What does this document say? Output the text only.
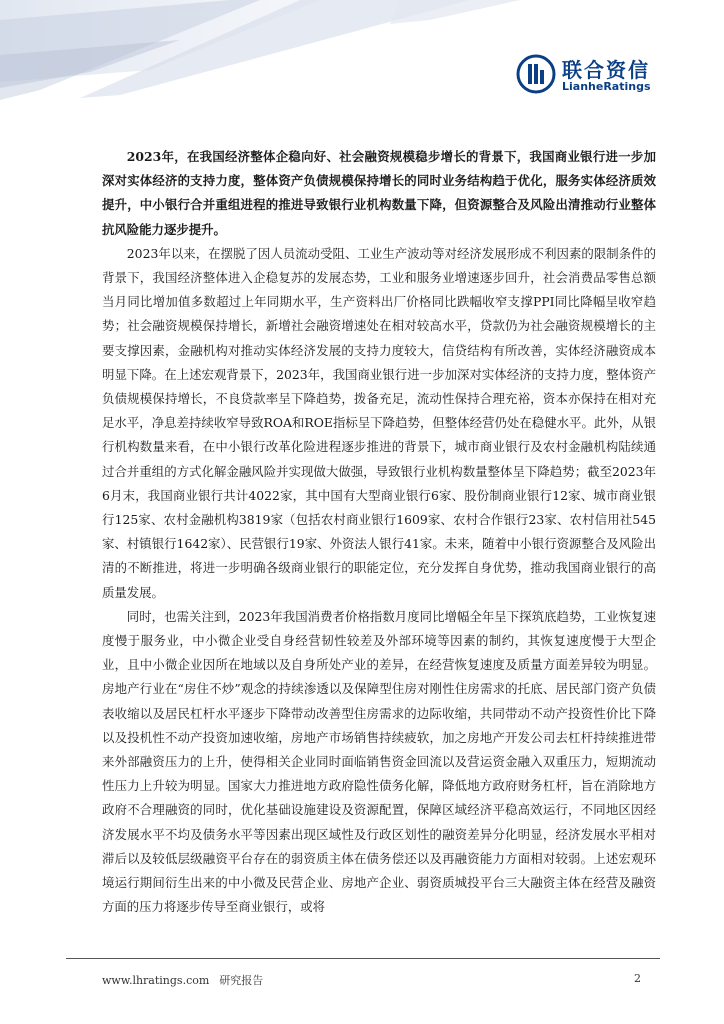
联合资信
LianheRatings

2023年，在我国经济整体企稳向好、社会融资规模稳步增长的背景下，我国商业银行进一步加深对实体经济的支持力度，整体资产负债规模保持增长的同时业务结构趋于优化，服务实体经济质效提升，中小银行合并重组进程的推进导致银行业机构数量下降，但资源整合及风险出清推动行业整体抗风险能力逐步提升。

2023年以来，在摆脱了因人员流动受阻、工业生产波动等对经济发展形成不利因素的限制条件的背景下，我国经济整体进入企稳复苏的发展态势，工业和服务业增速逐步回升，社会消费品零售总额当月同比增加值多数超过上年同期水平，生产资料出厂价格同比跌幅收窄支撑PPI同比降幅呈收窄趋势；社会融资规模保持增长，新增社会融资增速处在相对较高水平，贷款仍为社会融资规模增长的主要支撑因素，金融机构对推动实体经济发展的支持力度较大，信贷结构有所改善，实体经济融资成本明显下降。在上述宏观背景下，2023年，我国商业银行进一步加深对实体经济的支持力度，整体资产负债规模保持增长，不良贷款率呈下降趋势，拨备充足，流动性保持合理充裕，资本亦保持在相对充足水平，净息差持续收窄导致ROA和ROE指标呈下降趋势，但整体经营仍处在稳健水平。此外，从银行机构数量来看，在中小银行改革化险进程逐步推进的背景下，城市商业银行及农村金融机构陆续通过合并重组的方式化解金融风险并实现做大做强，导致银行业机构数量整体呈下降趋势；截至2023年6月末，我国商业银行共计4022家，其中国有大型商业银行6家、股份制商业银行12家、城市商业银行125家、农村金融机构3819家（包括农村商业银行1609家、农村合作银行23家、农村信用社545家、村镇银行1642家）、民营银行19家、外资法人银行41家。未来，随着中小银行资源整合及风险出清的不断推进，将进一步明确各级商业银行的职能定位，充分发挥自身优势，推动我国商业银行的高质量发展。

同时，也需关注到，2023年我国消费者价格指数月度同比增幅全年呈下探筑底趋势，工业恢复速度慢于服务业，中小微企业受自身经营韧性较差及外部环境等因素的制约，其恢复速度慢于大型企业，且中小微企业因所在地域以及自身所处产业的差异，在经营恢复速度及质量方面差异较为明显。房地产行业在“房住不炒”观念的持续渗透以及保障型住房对刚性住房需求的托底、居民部门资产负债表收缩以及居民杠杆水平逐步下降带动改善型住房需求的边际收缩，共同带动不动产投资性价比下降以及投机性不动产投资加速收缩，房地产市场销售持续疲软，加之房地产开发公司去杠杆持续推进带来外部融资压力的上升，使得相关企业同时面临销售资金回流以及营运资金融入双重压力，短期流动性压力上升较为明显。国家大力推进地方政府隐性债务化解，降低地方政府财务杠杆，旨在消除地方政府不合理融资的同时，优化基础设施建设及资源配置，保障区域经济平稳高效运行，不同地区因经济发展水平不均及债务水平等因素出现区域性及行政区划性的融资差异分化明显，经济发展水平相对滞后以及较低层级融资平台存在的弱资质主体在债务偿还以及再融资能力方面相对较弱。上述宏观环境运行期间衍生出来的中小微及民营企业、房地产企业、弱资质城投平台三大融资主体在经营及融资方面的压力将逐步传导至商业银行，或将

www.lhratings.com 研究报告	2
